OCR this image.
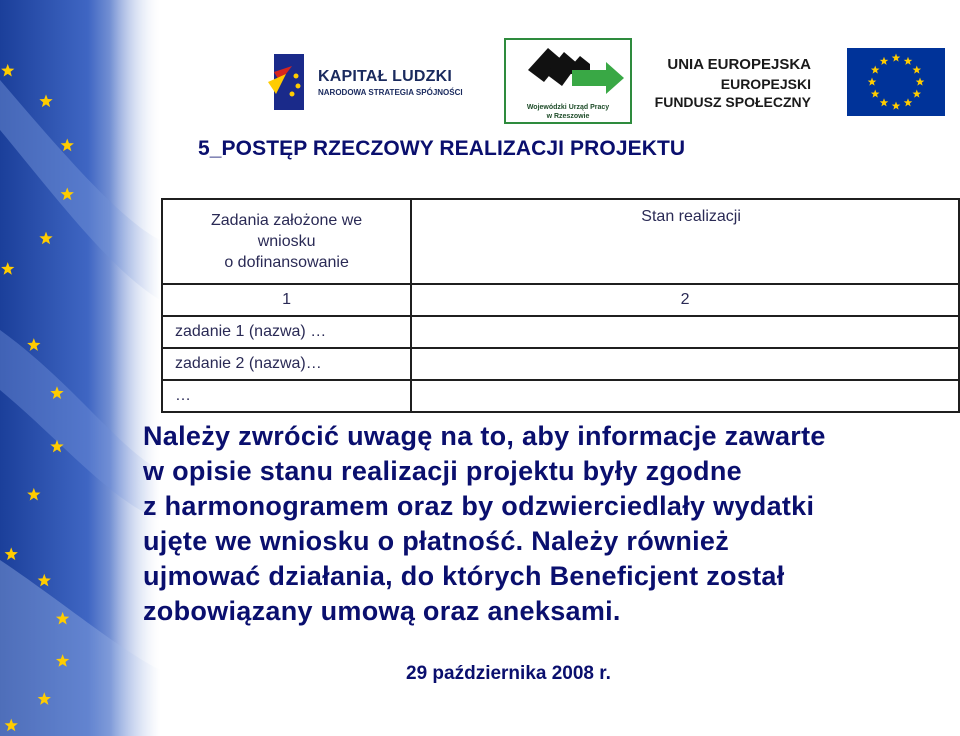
KAPITAŁ LUDZKI
NARODOWA STRATEGIA SPÓJNOŚCI
Wojewódzki Urząd Pracy
w Rzeszowie
UNIA EUROPEJSKA
EUROPEJSKI
FUNDUSZ SPOŁECZNY
5_POSTĘP RZECZOWY REALIZACJI PROJEKTU
Zadania założone we
wniosku
o dofinansowanie	Stan realizacji
1	2
zadanie 1 (nazwa) …	
zadanie 2 (nazwa)…	
…	
Należy zwrócić uwagę na to, aby informacje zawarte
w opisie stanu realizacji projektu były zgodne
z harmonogramem oraz by odzwierciedlały wydatki
ujęte we wniosku o płatność. Należy również
ujmować działania, do których Beneficjent został
zobowiązany umową oraz aneksami.
29 października 2008 r.
